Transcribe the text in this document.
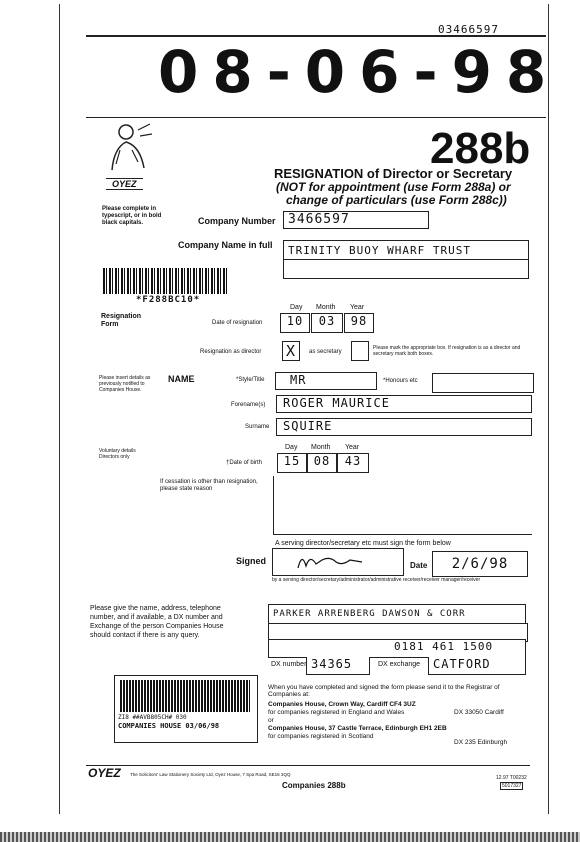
03466597
08-06-98
OYEZ
288b
RESIGNATION of Director or Secretary
(NOT for appointment (use Form 288a) or
change of particulars (use Form 288c))
Please complete in typescript, or in bold black capitals.	Company Number 3466597
Company Name in full	TRINITY BUOY WHARF TRUST
*F288BC10*
Resignation Form
Day Month Year
Date of resignation	10	03	98
Resignation as director X	as secretary
Please mark the appropriate box. If resignation is as a director and secretary mark both boxes.
Please insert details as previously notified to Companies House.
NAME	*Style/Title	MR	*Honours etc
Forename(s)	ROGER MAURICE
Surname	SQUIRE
Voluntary details
Directors only
Day Month Year
†Date of birth	15	08	43
If cessation is other than resignation, please state reason
A serving director/secretary etc must sign the form below
Signed	Date	2/6/98
by a serving director/secretary/administrator/administrative receiver/receiver manager/receiver
Please give the name, address, telephone number, and if available, a DX number and Exchange of the person Companies House should contact if there is any query.
PARKER ARRENBERG DAWSON & CORR
0181 461 1500
DX number 34365	DX exchange	CATFORD
When you have completed and signed the form please send it to the Registrar of Companies at:
Companies House, Crown Way, Cardiff CF4 3UZ
for companies registered in England and Wales	DX 33050 Cardiff
or
Companies House, 37 Castle Terrace, Edinburgh EH1 2EB
for companies registered in Scotland
DX 235 Edinburgh
ZI8 ##AVB805CH# 030
COMPANIES HOUSE 03/06/98
OYEZ The Solicitors' Law Stationery Society Ltd, Oyez House, 7 Spa Road, SE16 3QQ
Companies 288b
12.97 T00232
5017327
